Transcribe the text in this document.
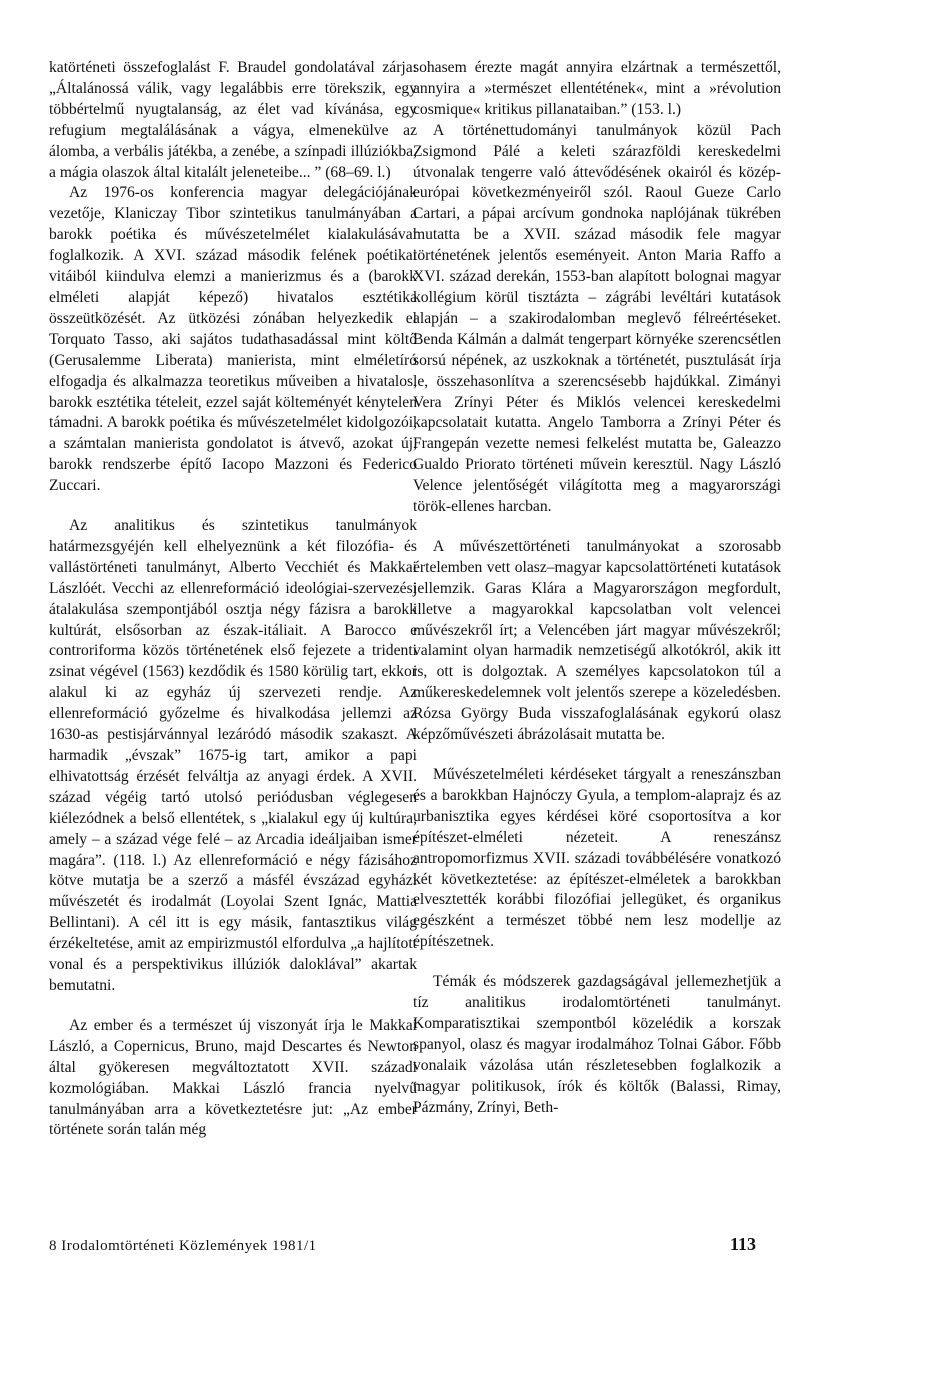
katörténeti összefoglalást F. Braudel gondolatával zárja: „Általánossá válik, vagy legalábbis erre törekszik, egy többértelmű nyugtalanság, az élet vad kívánása, egy refugium megtalálásának a vágya, elmenekülve az álomba, a verbális játékba, a zenébe, a színpadi illúziókba, a mágia olaszok által kitalált jeleneteibe... ” (68–69. l.)

Az 1976-os konferencia magyar delegációjának vezetője, Klaniczay Tibor szintetikus tanulmányában a barokk poétika és művészetelmélet kialakulásával foglalkozik. A XVI. század második felének poétikai vitáiból kiindulva elemzi a manierizmus és a (barokk elméleti alapját képező) hivatalos esztétika összeütközését. Az ütközési zónában helyezkedik el Torquato Tasso, aki sajátos tudathasadással mint költő (Gerusalemme Liberata) manierista, mint elméletíró elfogadja és alkalmazza teoretikus műveiben a hivatalos, barokk esztétika tételeit, ezzel saját költeményét kénytelen támadni. A barokk poétika és művészetelmélet kidolgozói, a számtalan manierista gondolatot is átvevő, azokat új, barokk rendszerbe építő Iacopo Mazzoni és Federico Zuccari.

Az analitikus és szintetikus tanulmányok határmezsgyéjén kell elhelyeznünk a két filozófia- és vallástörténeti tanulmányt, Alberto Vecchiét és Makkai Lászlóét. Vecchi az ellenreformáció ideológiai-szervezési átalakulása szempontjából osztja négy fázisra a barokk kultúrát, elsősorban az észak-itáliait. A Barocco e controriforma közös történetének első fejezete a tridenti zsinat végével (1563) kezdődik és 1580 körülig tart, ekkor alakul ki az egyház új szervezeti rendje. Az ellenreformáció győzelme és hivalkodása jellemzi az 1630-as pestisjárvánnyal lezáródó második szakaszt. A harmadik „évszak” 1675-ig tart, amikor a papi elhivatottság érzését felváltja az anyagi érdek. A XVII. század végéig tartó utolsó periódusban véglegesen kiélezódnek a belső ellentétek, s „kialakul egy új kultúra, amely – a század vége felé – az Arcadia ideáljaiban ismer magára”. (118. l.) Az ellenreformáció e négy fázisához kötve mutatja be a szerző a másfél évszázad egyházi művészetét és irodalmát (Loyolai Szent Ignác, Mattia Bellintani). A cél itt is egy másik, fantasztikus világ érzékeltetése, amit az empirizmustól elfordulva „a hajlított vonal és a perspektivikus illúziók daloklával” akartak bemutatni.

Az ember és a természet új viszonyát írja le Makkai László, a Copernicus, Bruno, majd Descartes és Newton által gyökeresen megváltoztatott XVII. századi kozmológiában. Makkai László francia nyelvű tanulmányában arra a következtetésre jut: „Az ember története során talán még

sohasem érezte magát annyira elzártnak a természettől, annyira a »természet ellentétének«, mint a »révolution cosmique« kritikus pillanataiban.” (153. l.)

A történettudományi tanulmányok közül Pach Zsigmond Pálé a keleti szárazföldi kereskedelmi útvonalak tengerre való áttevődésének okairól és közép-európai következményeiről szól. Raoul Gueze Carlo Cartari, a pápai arcívum gondnoka naplójának tükrében mutatta be a XVII. század második fele magyar történetének jelentős eseményeit. Anton Maria Raffo a XVI. század derekán, 1553-ban alapított bolognai magyar kollégium körül tisztázta – zágrábi levéltári kutatások alapján – a szakirodalomban meglevő félreértéseket. Benda Kálmán a dalmát tengerpart környéke szerencsétlen sorsú népének, az uszkoknak a történetét, pusztulását írja le, összehasonlítva a szerencsésebb hajdúkkal. Zimányi Vera Zrínyi Péter és Miklós velencei kereskedelmi kapcsolatait kutatta. Angelo Tamborra a Zrínyi Péter és Frangepán vezette nemesi felkelést mutatta be, Galeazzo Gualdo Priorato történeti művein keresztül. Nagy László Velence jelentőségét világította meg a magyarországi török-ellenes harcban.

A művészettörténeti tanulmányokat a szorosabb értelemben vett olasz–magyar kapcsolattörténeti kutatások jellemzik. Garas Klára a Magyarországon megfordult, illetve a magyarokkal kapcsolatban volt velencei művészekről írt; a Velencében járt magyar művészekről; valamint olyan harmadik nemzetiségű alkotókról, akik itt is, ott is dolgoztak. A személyes kapcsolatokon túl a műkereskedelemnek volt jelentős szerepe a közeledésben. Rózsa György Buda visszafoglalásának egykorú olasz képzőművészeti ábrázolásait mutatta be.

Művészetelméleti kérdéseket tárgyalt a reneszánszban és a barokkban Hajnóczy Gyula, a templom-alaprajz és az urbanisztika egyes kérdései köré csoportosítva a kor építészet-elméleti nézeteit. A reneszánsz antropomorfizmus XVII. századi továbbélésére vonatkozó két következtetése: az építészet-elméletek a barokkban elvesztették korábbi filozófiai jellegüket, és organikus egészként a természet többé nem lesz modellje az építészetnek.

Témák és módszerek gazdagságával jellemezhetjük a tíz analitikus irodalomtörténeti tanulmányt. Komparatisztikai szempontból közelédik a korszak spanyol, olasz és magyar irodalmához Tolnai Gábor. Főbb vonalaik vázolása után részletesebben foglalkozik a magyar politikusok, írók és költők (Balassi, Rimay, Pázmány, Zrínyi, Beth-

8 Irodalomtörténeti Közlemények 1981/1	113
